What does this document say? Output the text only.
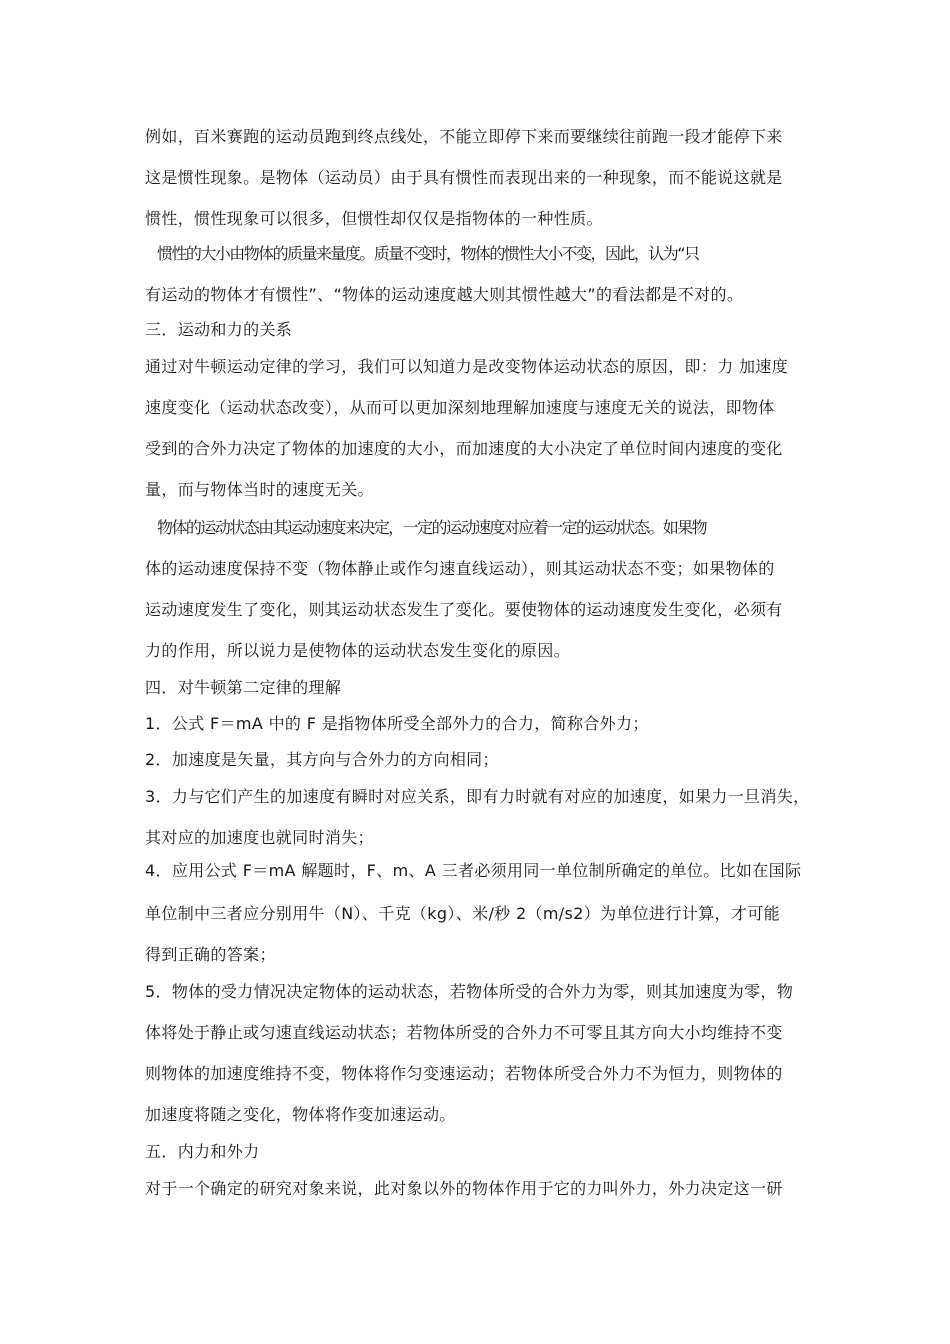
例如，百米赛跑的运动员跑到终点线处，不能立即停下来而要继续往前跑一段才能停下来
这是惯性现象。是物体（运动员）由于具有惯性而表现出来的一种现象，而不能说这就是
惯性，惯性现象可以很多，但惯性却仅仅是指物体的一种性质。
惯性的大小由物体的质量来量度。质量不变时，物体的惯性大小不变，因此，认为“只
有运动的物体才有惯性”、“物体的运动速度越大则其惯性越大”的看法都是不对的。
三．运动和力的关系
通过对牛顿运动定律的学习，我们可以知道力是改变物体运动状态的原因，即：力 加速度
速度变化（运动状态改变），从而可以更加深刻地理解加速度与速度无关的说法，即物体
受到的合外力决定了物体的加速度的大小，而加速度的大小决定了单位时间内速度的变化
量，而与物体当时的速度无关。
物体的运动状态由其运动速度来决定，一定的运动速度对应着一定的运动状态。如果物
体的运动速度保持不变（物体静止或作匀速直线运动），则其运动状态不变；如果物体的
运动速度发生了变化，则其运动状态发生了变化。要使物体的运动速度发生变化，必须有
力的作用，所以说力是使物体的运动状态发生变化的原因。
四．对牛顿第二定律的理解
1．公式 F＝mA 中的 F 是指物体所受全部外力的合力，简称合外力；
2．加速度是矢量，其方向与合外力的方向相同；
3．力与它们产生的加速度有瞬时对应关系，即有力时就有对应的加速度，如果力一旦消失，
其对应的加速度也就同时消失；
4．应用公式 F＝mA 解题时，F、m、A 三者必须用同一单位制所确定的单位。比如在国际
单位制中三者应分别用牛（N）、千克（kg）、米/秒 2（m/s2）为单位进行计算，才可能
得到正确的答案；
5．物体的受力情况决定物体的运动状态，若物体所受的合外力为零，则其加速度为零，物
体将处于静止或匀速直线运动状态；若物体所受的合外力不可零且其方向大小均维持不变
则物体的加速度维持不变，物体将作匀变速运动；若物体所受合外力不为恒力，则物体的
加速度将随之变化，物体将作变加速运动。
五．内力和外力
对于一个确定的研究对象来说，此对象以外的物体作用于它的力叫外力，外力决定这一研
